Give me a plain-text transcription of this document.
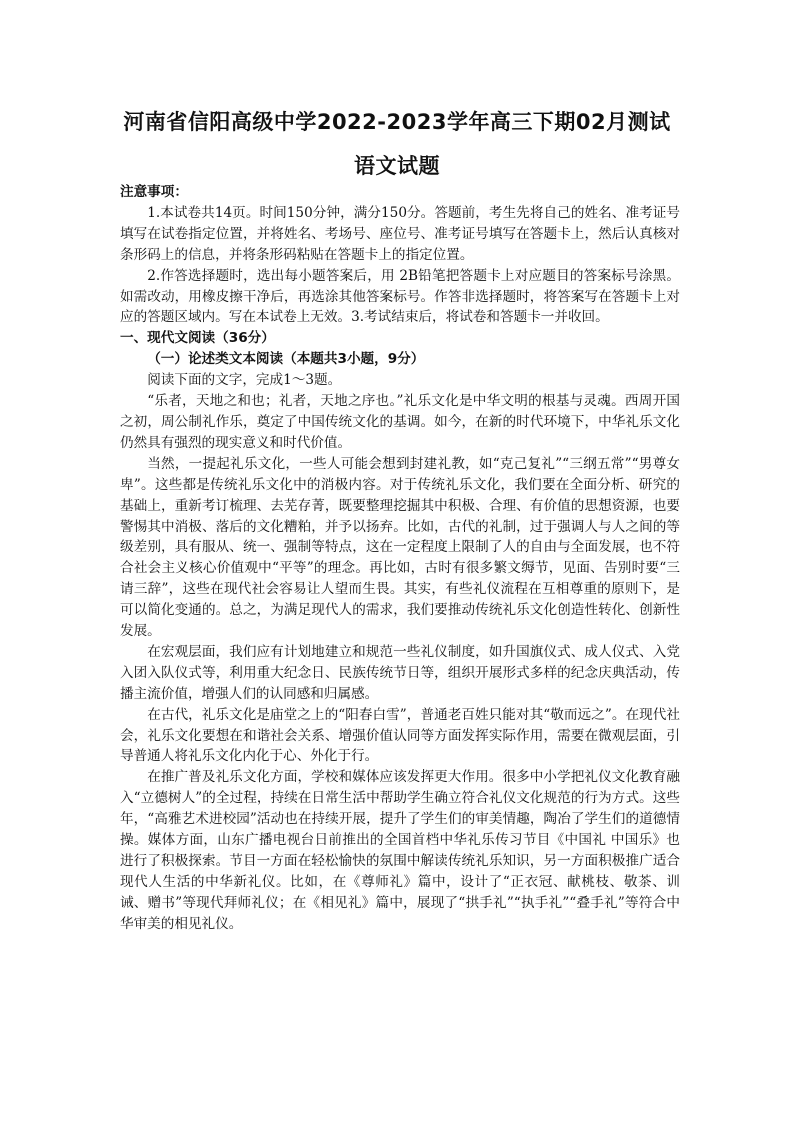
河南省信阳高级中学2022-2023学年高三下期02月测试
语文试题

注意事项：

1.本试卷共14页。时间150分钟，满分150分。答题前，考生先将自己的姓名、准考证号填写在试卷指定位置，并将姓名、考场号、座位号、准考证号填写在答题卡上，然后认真核对条形码上的信息，并将条形码粘贴在答题卡上的指定位置。

2.作答选择题时，选出每小题答案后，用 2B铅笔把答题卡上对应题目的答案标号涂黑。如需改动，用橡皮擦干净后，再选涂其他答案标号。作答非选择题时，将答案写在答题卡上对应的答题区域内。写在本试卷上无效。3.考试结束后，将试卷和答题卡一并收回。

一、现代文阅读（36分）

（一）论述类文本阅读（本题共3小题，9分）

阅读下面的文字，完成1～3题。

“乐者，天地之和也；礼者，天地之序也。”礼乐文化是中华文明的根基与灵魂。西周开国之初，周公制礼作乐，奠定了中国传统文化的基调。如今，在新的时代环境下，中华礼乐文化仍然具有强烈的现实意义和时代价值。

当然，一提起礼乐文化，一些人可能会想到封建礼教，如“克己复礼”“三纲五常”“男尊女卑”。这些都是传统礼乐文化中的消极内容。对于传统礼乐文化，我们要在全面分析、研究的基础上，重新考订梳理、去芜存菁，既要整理挖掘其中积极、合理、有价值的思想资源，也要警惕其中消极、落后的文化糟粕，并予以扬弃。比如，古代的礼制，过于强调人与人之间的等级差别，具有服从、统一、强制等特点，这在一定程度上限制了人的自由与全面发展，也不符合社会主义核心价值观中“平等”的理念。再比如，古时有很多繁文缛节，见面、告别时要“三请三辞”，这些在现代社会容易让人望而生畏。其实，有些礼仪流程在互相尊重的原则下，是可以简化变通的。总之，为满足现代人的需求，我们要推动传统礼乐文化创造性转化、创新性发展。

在宏观层面，我们应有计划地建立和规范一些礼仪制度，如升国旗仪式、成人仪式、入党入团入队仪式等，利用重大纪念日、民族传统节日等，组织开展形式多样的纪念庆典活动，传播主流价值，增强人们的认同感和归属感。

在古代，礼乐文化是庙堂之上的“阳春白雪”，普通老百姓只能对其“敬而远之”。在现代社会，礼乐文化要想在和谐社会关系、增强价值认同等方面发挥实际作用，需要在微观层面，引导普通人将礼乐文化内化于心、外化于行。

在推广普及礼乐文化方面，学校和媒体应该发挥更大作用。很多中小学把礼仪文化教育融入“立德树人”的全过程，持续在日常生活中帮助学生确立符合礼仪文化规范的行为方式。这些年，“高雅艺术进校园”活动也在持续开展，提升了学生们的审美情趣，陶冶了学生们的道德情操。媒体方面，山东广播电视台日前推出的全国首档中华礼乐传习节目《中国礼 中国乐》也进行了积极探索。节目一方面在轻松愉快的氛围中解读传统礼乐知识，另一方面积极推广适合现代人生活的中华新礼仪。比如，在《尊师礼》篇中，设计了“正衣冠、献桃枝、敬茶、训诫、赠书”等现代拜师礼仪；在《相见礼》篇中，展现了“拱手礼”“执手礼”“叠手礼”等符合中华审美的相见礼仪。
